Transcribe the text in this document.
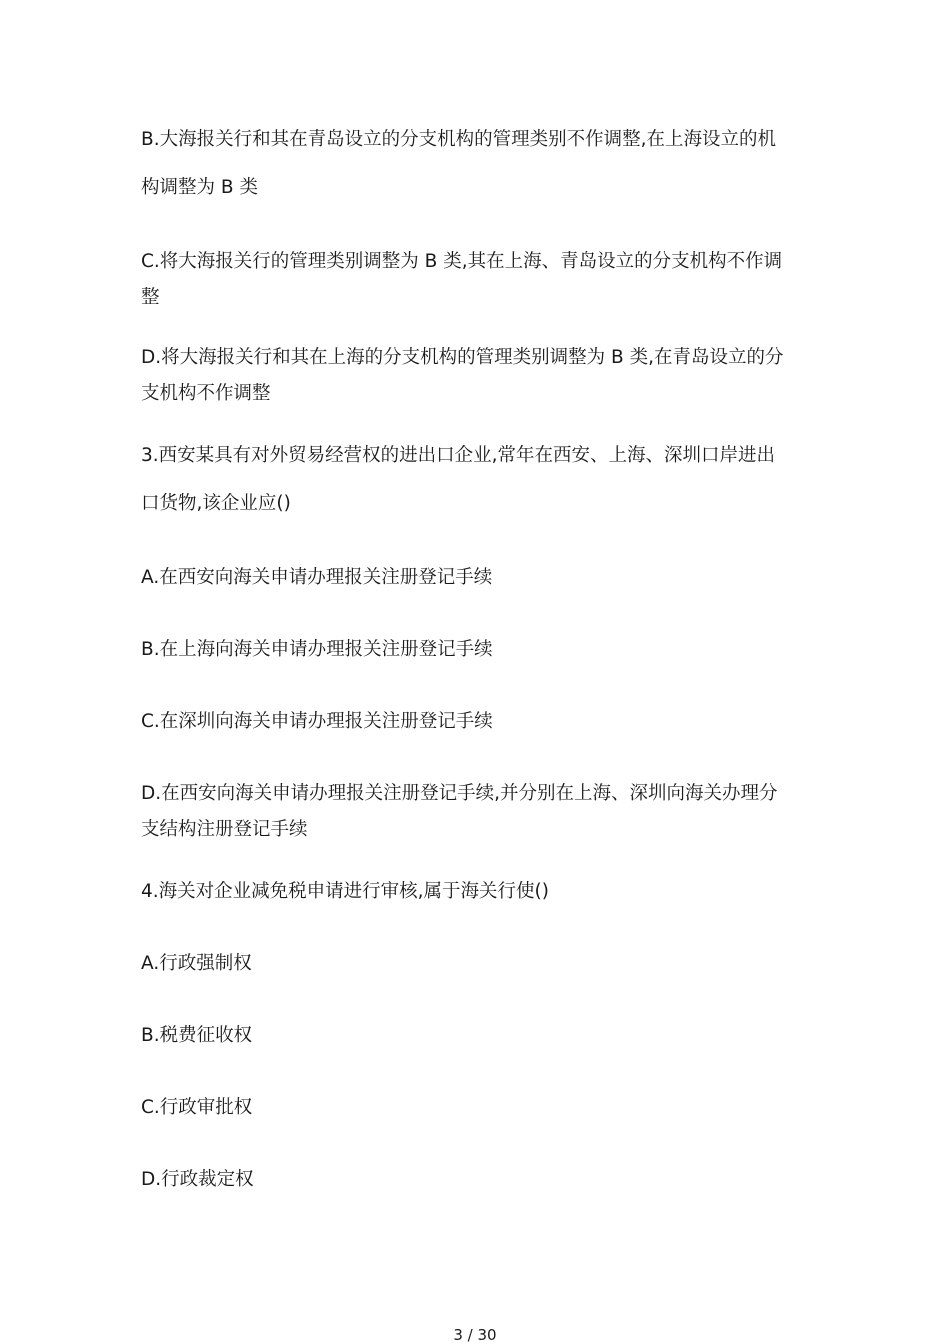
B.大海报关行和其在青岛设立的分支机构的管理类别不作调整,在上海设立的机
构调整为 B 类
C.将大海报关行的管理类别调整为 B 类,其在上海、青岛设立的分支机构不作调
整
D.将大海报关行和其在上海的分支机构的管理类别调整为 B 类,在青岛设立的分
支机构不作调整
3.西安某具有对外贸易经营权的进出口企业,常年在西安、上海、深圳口岸进出
口货物,该企业应()
A.在西安向海关申请办理报关注册登记手续
B.在上海向海关申请办理报关注册登记手续
C.在深圳向海关申请办理报关注册登记手续
D.在西安向海关申请办理报关注册登记手续,并分别在上海、深圳向海关办理分
支结构注册登记手续
4.海关对企业减免税申请进行审核,属于海关行使()
A.行政强制权
B.税费征收权
C.行政审批权
D.行政裁定权
3 / 30
